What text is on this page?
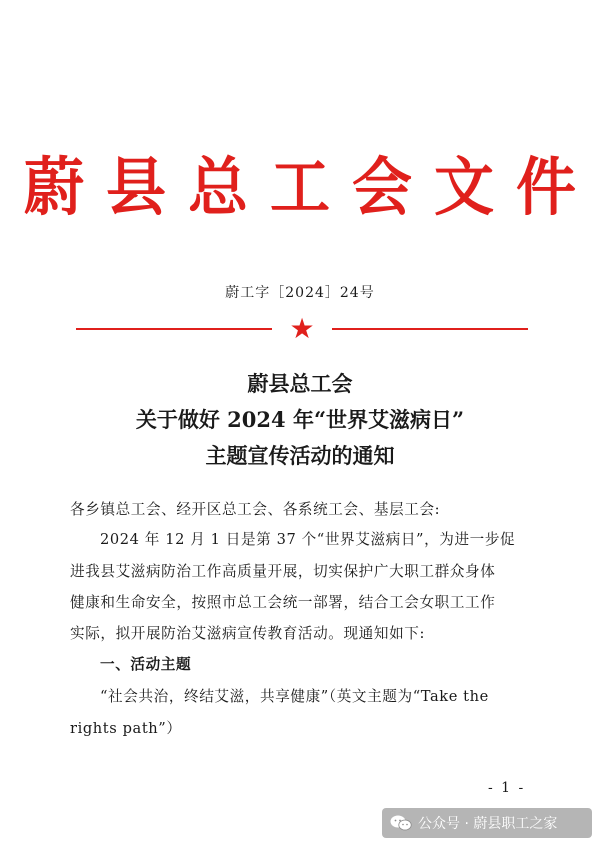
蔚县总工会文件
蔚工字［2024］24号
★
蔚县总工会
关于做好 2024 年“世界艾滋病日”
主题宣传活动的通知
各乡镇总工会、经开区总工会、各系统工会、基层工会:
2024 年 12 月 1 日是第 37 个“世界艾滋病日”，为进一步促
进我县艾滋病防治工作高质量开展，切实保护广大职工群众身体
健康和生命安全，按照市总工会统一部署，结合工会女职工工作
实际，拟开展防治艾滋病宣传教育活动。现通知如下:
一、活动主题
“社会共治，终结艾滋，共享健康”（英文主题为“Take the
rights path”）
- 1 -
公众号 · 蔚县职工之家
